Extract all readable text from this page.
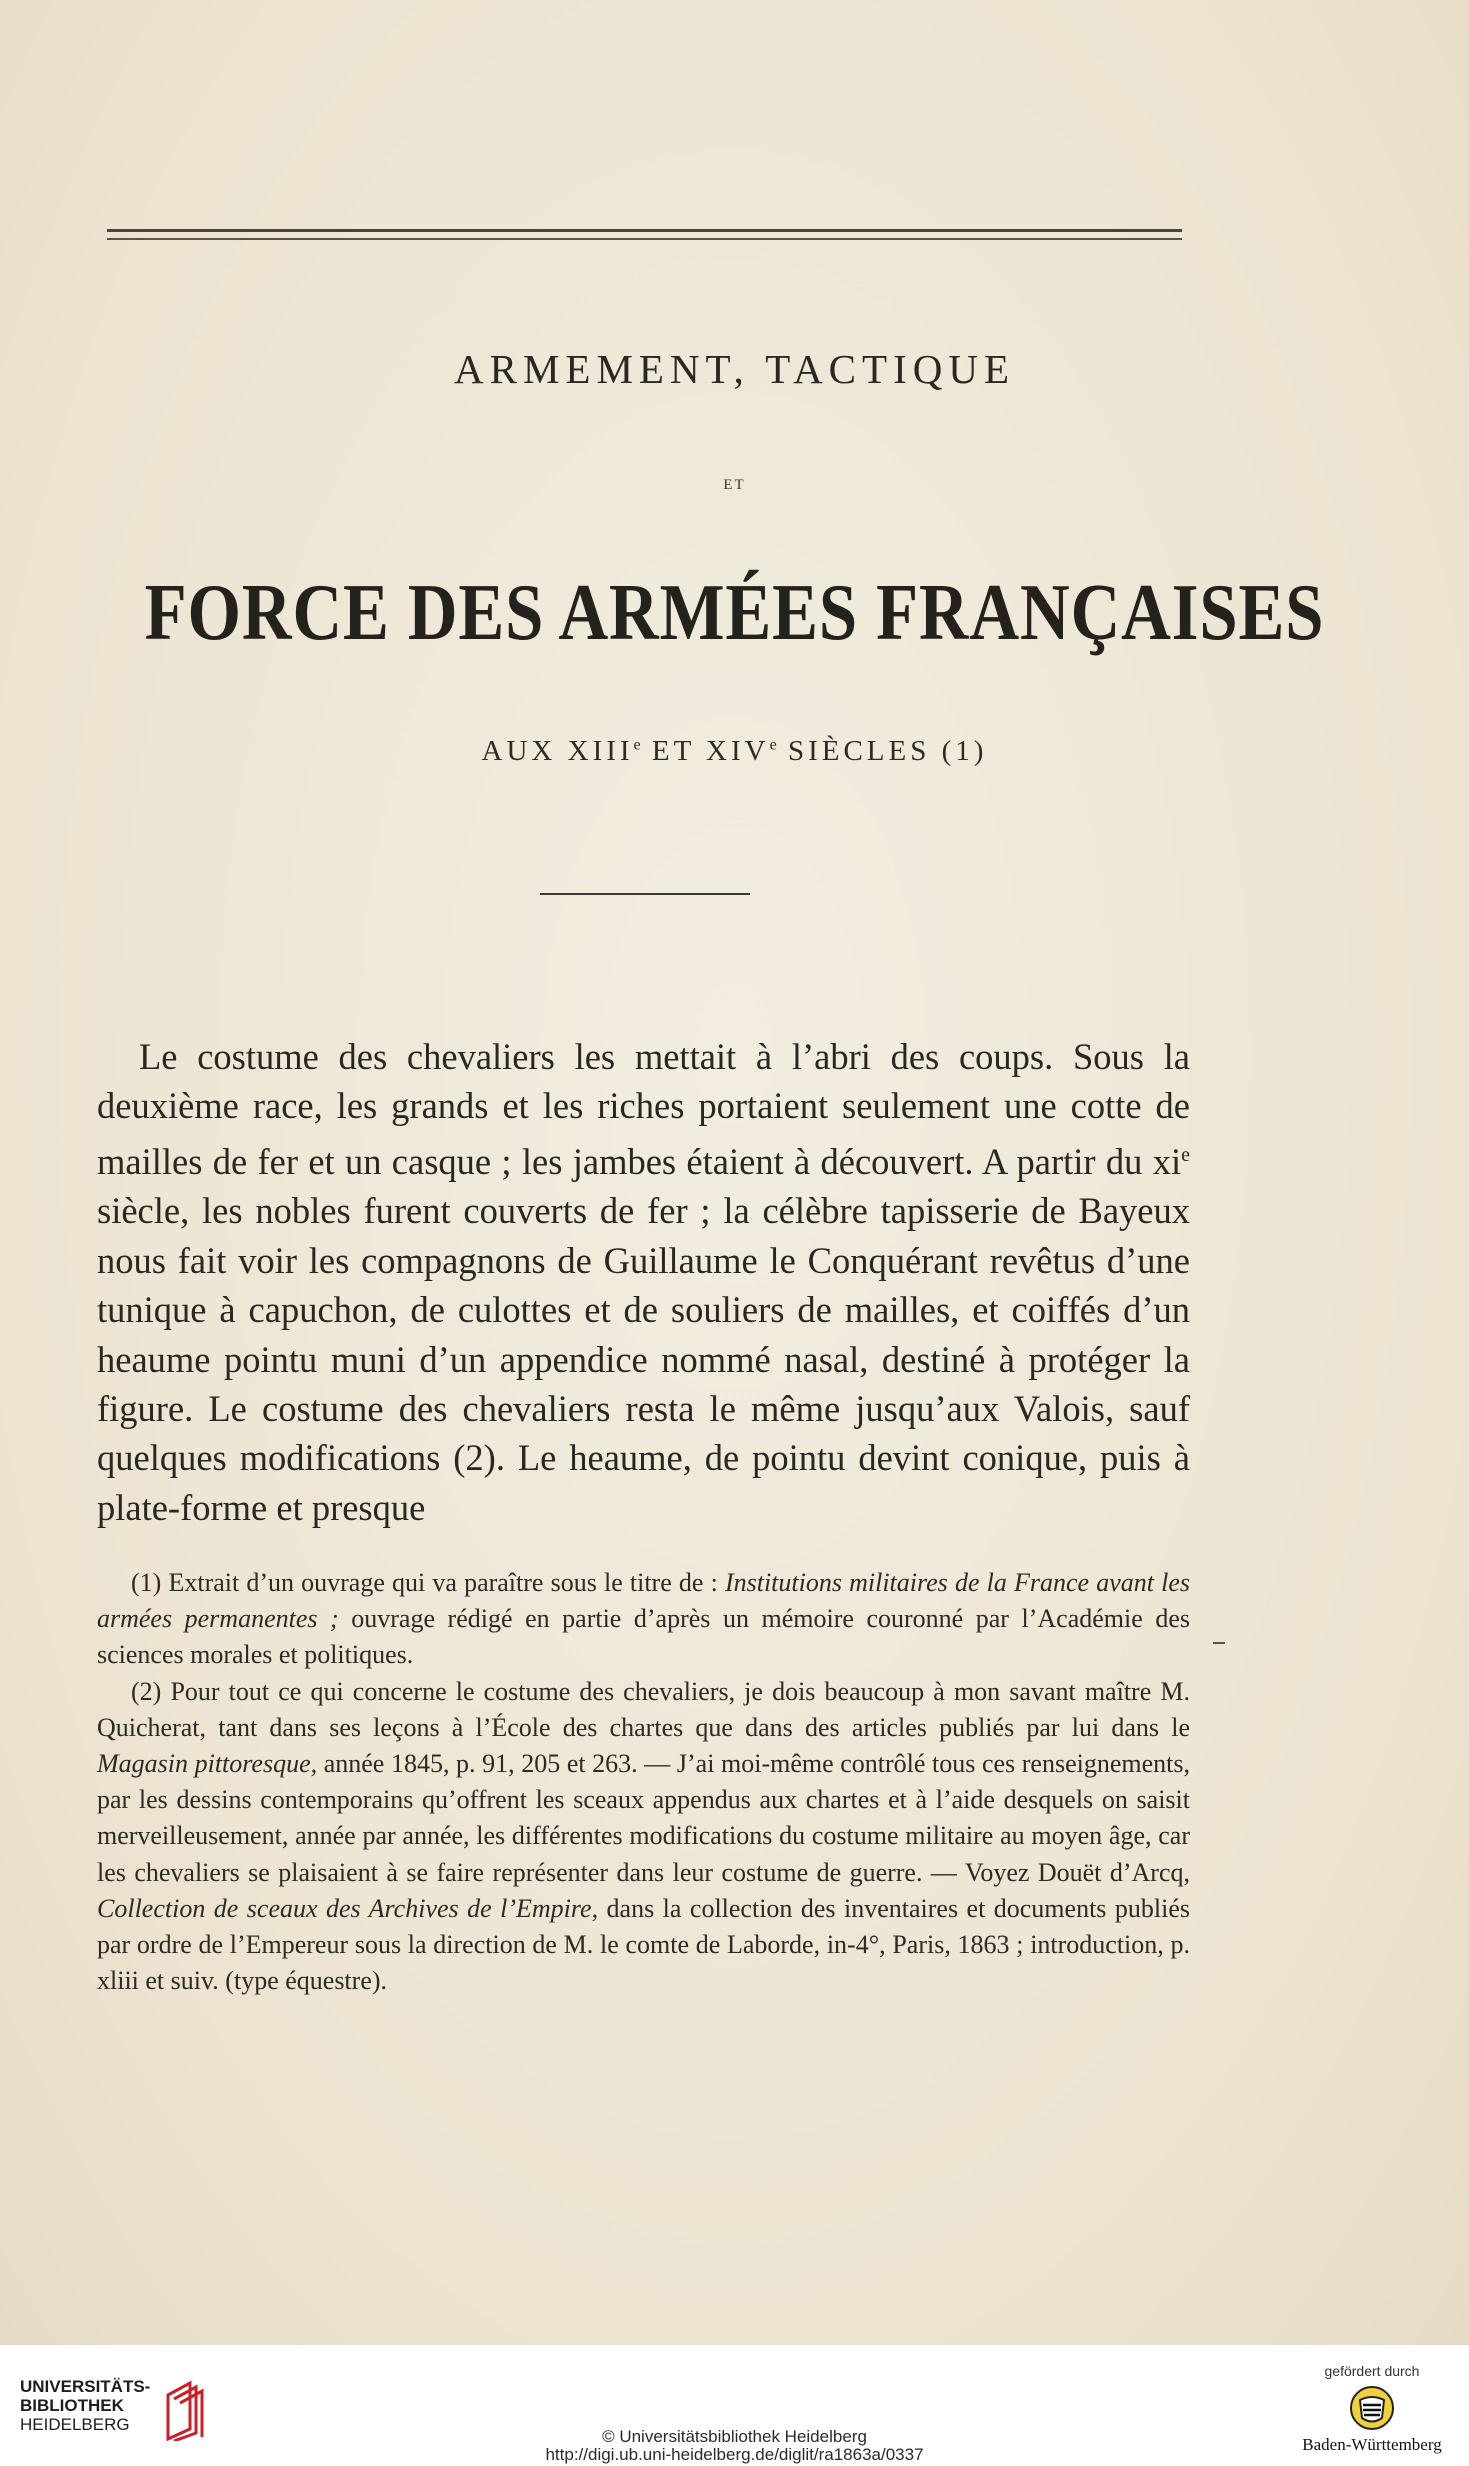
ARMEMENT, TACTIQUE
ET
FORCE DES ARMÉES FRANÇAISES
AUX XIIIe ET XIVe SIÈCLES (1)

Le costume des chevaliers les mettait à l’abri des coups. Sous la deuxième race, les grands et les riches portaient seulement une cotte de mailles de fer et un casque ; les jambes étaient à découvert. A partir du $xi^e$ siècle, les nobles furent couverts de fer ; la célèbre tapisserie de Bayeux nous fait voir les compagnons de Guillaume le Conquérant revêtus d’une tunique à capuchon, de culottes et de souliers de mailles, et coiffés d’un heaume pointu muni d’un appendice nommé nasal, destiné à protéger la figure. Le costume des chevaliers resta le même jusqu’aux Valois, sauf quelques modifications (2). Le heaume, de pointu devint conique, puis à plate-forme et presque

(1) Extrait d’un ouvrage qui va paraître sous le titre de : Institutions militaires de la France avant les armées permanentes ; ouvrage rédigé en partie d’après un mémoire couronné par l’Académie des sciences morales et politiques.

(2) Pour tout ce qui concerne le costume des chevaliers, je dois beaucoup à mon savant maître M. Quicherat, tant dans ses leçons à l’École des chartes que dans des articles publiés par lui dans le Magasin pittoresque, année 1845, p. 91, 205 et 263. — J’ai moi-même contrôlé tous ces renseignements, par les dessins contemporains qu’offrent les sceaux appendus aux chartes et à l’aide desquels on saisit merveilleusement, année par année, les différentes modifications du costume militaire au moyen âge, car les chevaliers se plaisaient à se faire représenter dans leur costume de guerre. — Voyez Douët d’Arcq, Collection de sceaux des Archives de l’Empire, dans la collection des inventaires et documents publiés par ordre de l’Empereur sous la direction de M. le comte de Laborde, in-4°, Paris, 1863 ; introduction, p. xliii et suiv. (type équestre).

UNIVERSITÄTS-
BIBLIOTHEK
HEIDELBERG
© Universitätsbibliothek Heidelberg
http://digi.ub.uni-heidelberg.de/diglit/ra1863a/0337
gefördert durch
Baden-Württemberg
